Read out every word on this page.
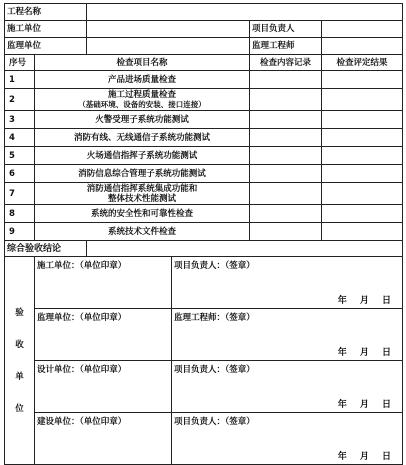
工程名称					
施工单位				项目负责人	
监理单位				监理工程师	
序号	检查项目名称			检查内容记录	检查评定结果
1	产品进场质量检查				
2	施工过程质量检查
（基础环境、设备的安装、接口连接）				

3	火警受理子系统功能测试				
4	消防有线、无线通信子系统功能测试				
5	火场通信指挥子系统功能测试				
6	消防信息综合管理子系统功能测试				
7	消防通信指挥系统集成功能和
整体技术性能测试				

8	系统的安全性和可靠性检查				
9	系统技术文件检查				
综合验收结论					

验
收
单
位	施工单位：（单位印章）		项目负责人：（签章）
年 月 日		

	监理单位：（单位印章）		监理工程师：（签章）
年 月 日		

	设计单位：（单位印章）		项目负责人：（签章）
年 月 日		

	建设单位：（单位印章）		项目负责人：（签章）
年 月 日		
